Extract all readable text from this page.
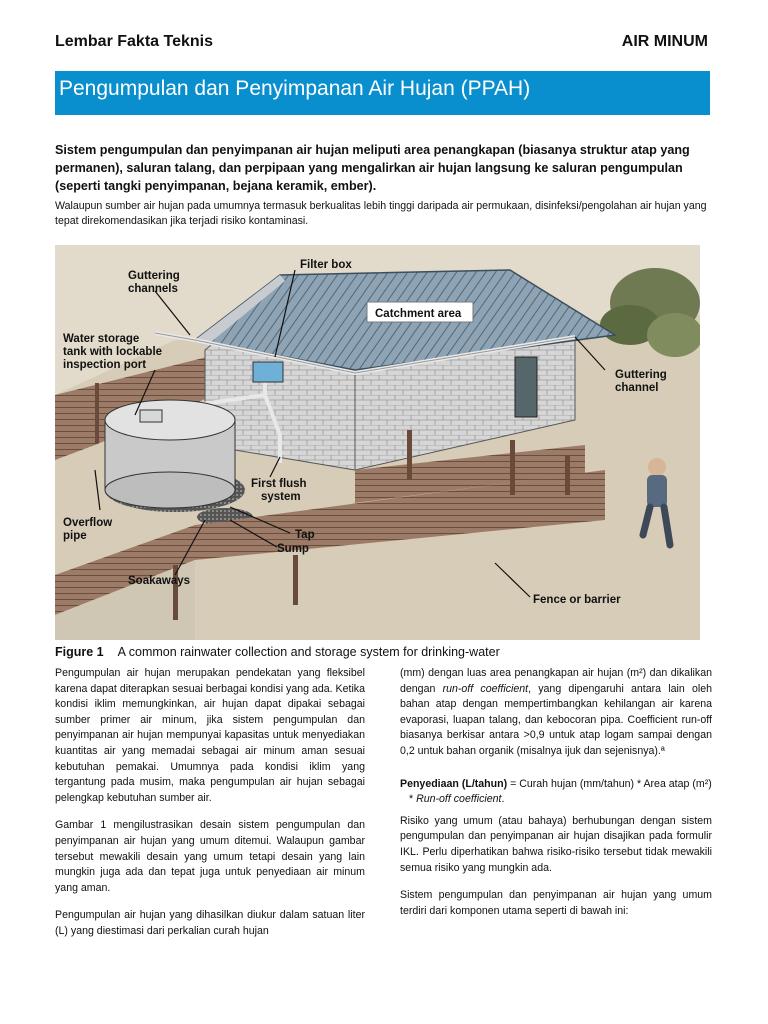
Lembar Fakta Teknis	AIR MINUM
Pengumpulan dan Penyimpanan Air Hujan (PPAH)
Sistem pengumpulan dan penyimpanan air hujan meliputi area penangkapan (biasanya struktur atap yang permanen), saluran talang, dan perpipaan yang mengalirkan air hujan langsung ke saluran pengumpulan (seperti tangki penyimpanan, bejana keramik, ember).
Walaupun sumber air hujan pada umumnya termasuk berkualitas lebih tinggi daripada air permukaan, disinfeksi/pengolahan air hujan yang tepat direkomendasikan jika terjadi risiko kontaminasi.
Guttering
channels
Filter box
Catchment area
Water storage
tank with lockable
inspection port
Guttering
channel
First flush
system
Overflow
pipe	Tap
Sump
Soakaways
Fence or barrier
Figure 1 A common rainwater collection and storage system for drinking-water

Pengumpulan air hujan merupakan pendekatan yang fleksibel karena dapat diterapkan sesuai berbagai kondisi yang ada. Ketika kondisi iklim memungkinkan, air hujan dapat dipakai sebagai sumber primer air minum, jika sistem pengumpulan dan penyimpanan air hujan mempunyai kapasitas untuk menyediakan kuantitas air yang memadai sebagai air minum aman sesuai kebutuhan pemakai. Umumnya pada kondisi iklim yang tergantung pada musim, maka pengumpulan air hujan sebagai pelengkap kebutuhan sumber air.

Gambar 1 mengilustrasikan desain sistem pengumpulan dan penyimpanan air hujan yang umum ditemui. Walaupun gambar tersebut mewakili desain yang umum tetapi desain yang lain mungkin juga ada dan tepat juga untuk penyediaan air minum yang aman.

Pengumpulan air hujan yang dihasilkan diukur dalam satuan liter (L) yang diestimasi dari perkalian curah hujan

(mm) dengan luas area penangkapan air hujan (m²) dan dikalikan dengan run-off coefficient, yang dipengaruhi antara lain oleh bahan atap dengan mempertimbangkan kehilangan air karena evaporasi, luapan talang, dan kebocoran pipa. Coefficient run-off biasanya berkisar antara >0,9 untuk atap logam sampai dengan 0,2 untuk bahan organik (misalnya ijuk dan sejenisnya).ª

Penyediaan (L/tahun) = Curah hujan (mm/tahun) * Area atap (m²) * Run-off coefficient.

Risiko yang umum (atau bahaya) berhubungan dengan sistem pengumpulan dan penyimpanan air hujan disajikan pada formulir IKL. Perlu diperhatikan bahwa risiko-risiko tersebut tidak mewakili semua risiko yang mungkin ada.

Sistem pengumpulan dan penyimpanan air hujan yang umum terdiri dari komponen utama seperti di bawah ini:
